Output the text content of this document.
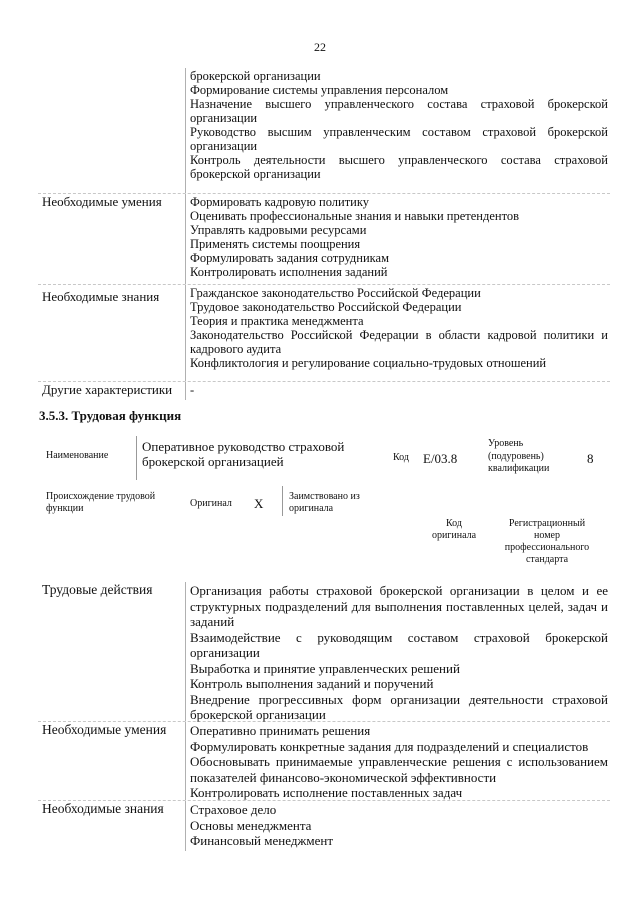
22
брокерской организации
Формирование системы управления персоналом
Назначение высшего управленческого состава страховой брокерской организации
Руководство высшим управленческим составом страховой брокерской организации
Контроль деятельности высшего управленческого состава страховой брокерской организации
Необходимые умения	Формировать кадровую политику
Оценивать профессиональные знания и навыки претендентов
Управлять кадровыми ресурсами
Применять системы поощрения
Формулировать задания сотрудникам
Контролировать исполнения заданий
Необходимые знания	Гражданское законодательство Российской Федерации
Трудовое законодательство Российской Федерации
Теория и практика менеджмента
Законодательство Российской Федерации в области кадровой политики и кадрового аудита
Конфликтология и регулирование социально-трудовых отношений
Другие характеристики	-
3.5.3. Трудовая функция
Наименование
Оперативное руководство страховой брокерской организацией	Код E/03.8
Уровень (подуровень) квалификации
8
Происхождение трудовой функции	Оригинал X	Заимствовано из оригинала
Код оригинала
Регистрационный номер профессионального стандарта
Трудовые действия	Организация работы страховой брокерской организации в целом и ее структурных подразделений для выполнения поставленных целей, задач и заданий
Взаимодействие с руководящим составом страховой брокерской организации
Выработка и принятие управленческих решений
Контроль выполнения заданий и поручений
Внедрение прогрессивных форм организации деятельности страховой брокерской организации
Необходимые умения	Оперативно принимать решения
Формулировать конкретные задания для подразделений и специалистов
Обосновывать принимаемые управленческие решения с использованием показателей финансово-экономической эффективности
Контролировать исполнение поставленных задач
Необходимые знания	Страховое дело
Основы менеджмента
Финансовый менеджмент
